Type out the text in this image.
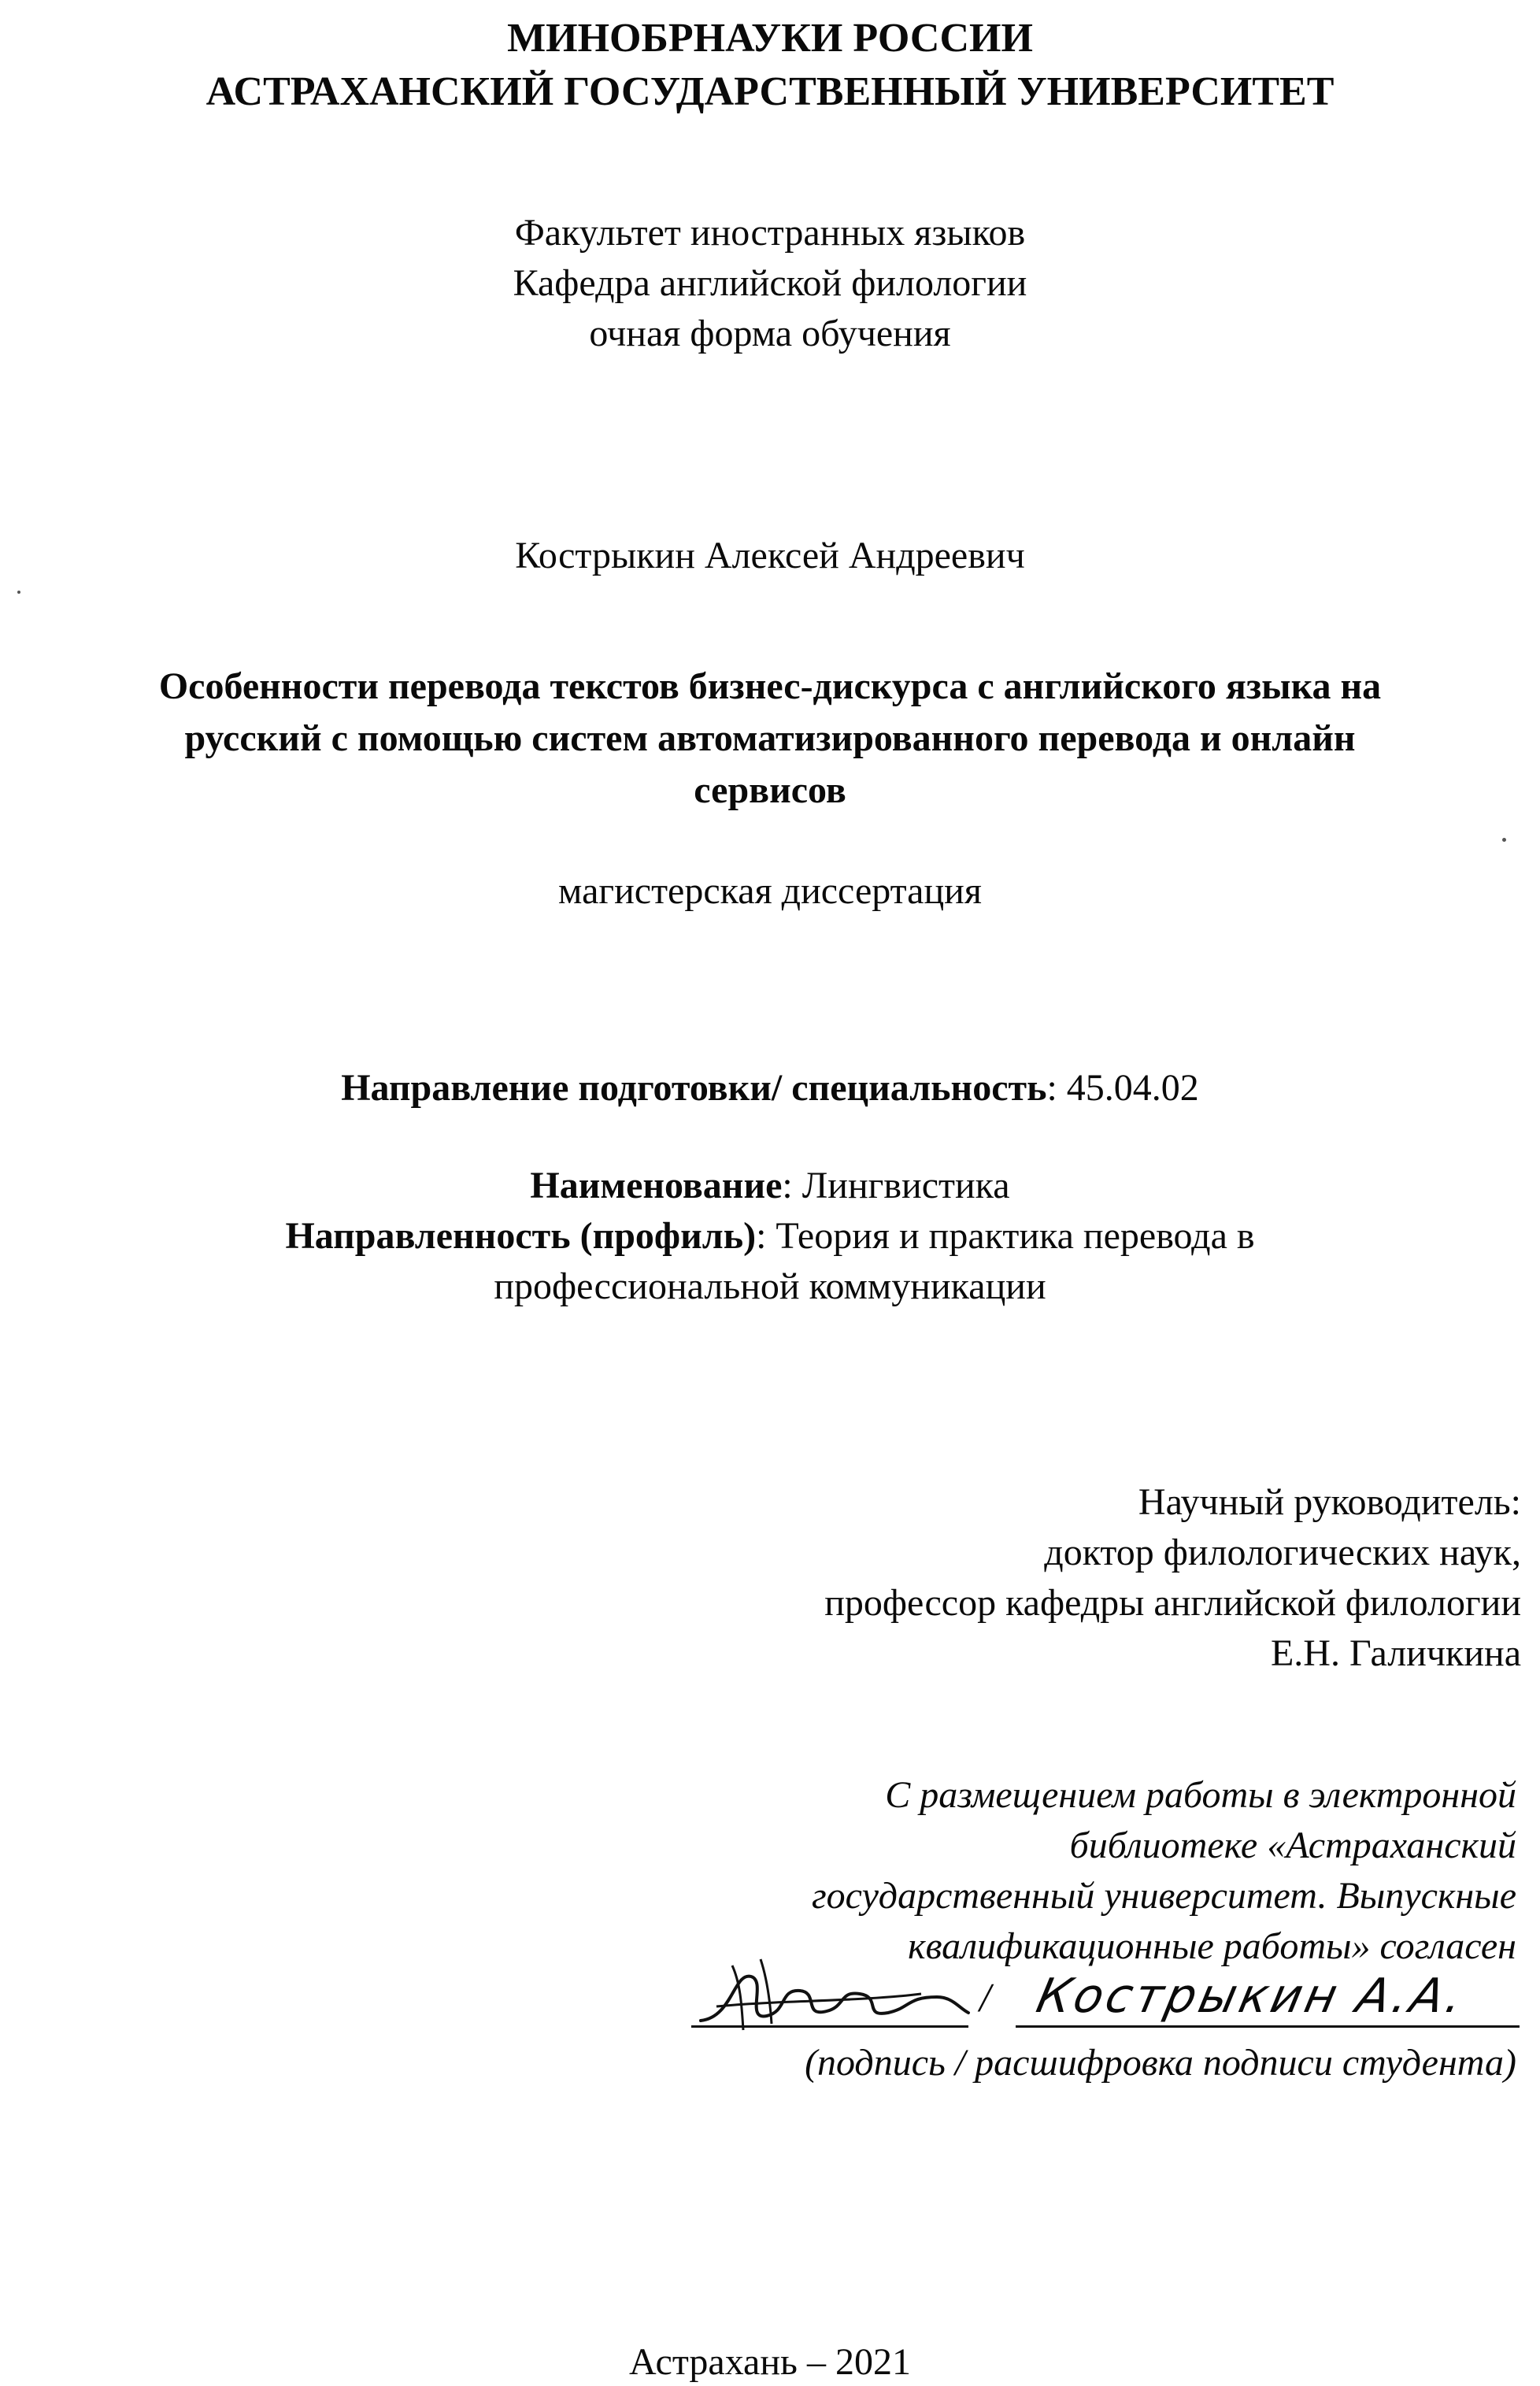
МИНОБРНАУКИ РОССИИ
АСТРАХАНСКИЙ ГОСУДАРСТВЕННЫЙ УНИВЕРСИТЕТ
Факультет иностранных языков
Кафедра английской филологии
очная форма обучения
Кострыкин Алексей Андреевич
Особенности перевода текстов бизнес-дискурса с английского языка на
русский с помощью систем автоматизированного перевода и онлайн
сервисов
магистерская диссертация
Направление подготовки/ специальность: 45.04.02
Наименование: Лингвистика
Направленность (профиль): Теория и практика перевода в
профессиональной коммуникации
Научный руководитель:
доктор филологических наук,
профессор кафедры английской филологии
Е.Н. Галичкина
С размещением работы в электронной
библиотеке «Астраханский
государственный университет. Выпускные
квалификационные работы» согласен
/ Кострыкин А.А.
(подпись / расшифровка подписи студента)
Астрахань – 2021
